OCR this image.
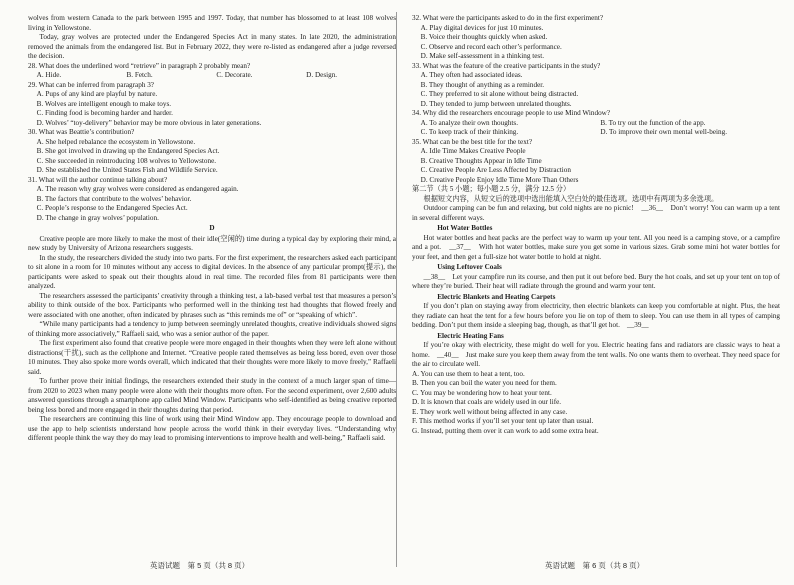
wolves from western Canada to the park between 1995 and 1997. Today, that number has blossomed to at least 108 wolves living in Yellowstone.

Today, gray wolves are protected under the Endangered Species Act in many states. In late 2020, the administration removed the animals from the endangered list. But in February 2022, they were re-listed as endangered after a judge reversed the decision.

28. What does the underlined word “retrieve” in paragraph 2 probably mean?
A. Hide.	B. Fetch.	C. Decorate.	D. Design.
29. What can be inferred from paragraph 3?
A. Pups of any kind are playful by nature.
B. Wolves are intelligent enough to make toys.
C. Finding food is becoming harder and harder.
D. Wolves’ “toy-delivery” behavior may be more obvious in later generations.
30. What was Beattie’s contribution?
A. She helped rebalance the ecosystem in Yellowstone.
B. She got involved in drawing up the Endangered Species Act.
C. She succeeded in reintroducing 108 wolves to Yellowstone.
D. She established the United States Fish and Wildlife Service.
31. What will the author continue talking about?
A. The reason why gray wolves were considered as endangered again.
B. The factors that contribute to the wolves’ behavior.
C. People’s response to the Endangered Species Act.
D. The change in gray wolves’ population.
D

Creative people are more likely to make the most of their idle(空闲的) time during a typical day by exploring their mind, a new study by University of Arizona researchers suggests.

In the study, the researchers divided the study into two parts. For the first experiment, the researchers asked each participant to sit alone in a room for 10 minutes without any access to digital devices. In the absence of any particular prompt(提示), the participants were asked to speak out their thoughts aloud in real time. The recorded files from 81 participants were then analyzed.

The researchers assessed the participants’ creativity through a thinking test, a lab-based verbal test that measures a person’s ability to think outside of the box. Participants who performed well in the thinking test had thoughts that flowed freely and were associated with one another, often indicated by phrases such as “this reminds me of” or “speaking of which”.

“While many participants had a tendency to jump between seemingly unrelated thoughts, creative individuals showed signs of thinking more associatively,” Raffaeli said, who was a senior author of the paper.

The first experiment also found that creative people were more engaged in their thoughts when they were left alone without distractions(干扰), such as the cellphone and Internet. “Creative people rated themselves as being less bored, even over those 10 minutes. They also spoke more words overall, which indicated that their thoughts were more likely to move freely,” Raffaeli said.

To further prove their initial findings, the researchers extended their study in the context of a much larger span of time—from 2020 to 2023 when many people were alone with their thoughts more often. For the second experiment, over 2,600 adults answered questions through a smartphone app called Mind Window. Participants who self-identified as being creative reported being less bored and more engaged in their thoughts during that period.

The researchers are continuing this line of work using their Mind Window app. They encourage people to download and use the app to help scientists understand how people across the world think in their everyday lives. “Understanding why different people think the way they do may lead to promising interventions to improve health and well-being,” Raffaeli said.

32. What were the participants asked to do in the first experiment?
A. Play digital devices for just 10 minutes.
B. Voice their thoughts quickly when asked.
C. Observe and record each other’s performance.
D. Make self-assessment in a thinking test.
33. What was the feature of the creative participants in the study?
A. They often had associated ideas.
B. They thought of anything as a reminder.
C. They preferred to sit alone without being distracted.
D. They tended to jump between unrelated thoughts.
34. Why did the researchers encourage people to use Mind Window?
A. To analyze their own thoughts.	B. To try out the function of the app.
C. To keep track of their thinking.	D. To improve their own mental well-being.
35. What can be the best title for the text?
A. Idle Time Makes Creative People
B. Creative Thoughts Appear in Idle Time
C. Creative People Are Less Affected by Distraction
D. Creative People Enjoy Idle Time More Than Others
第二节（共 5 小题；每小题 2.5 分，满分 12.5 分）

根据短文内容，从短文后的选项中选出能填入空白处的最佳选项。选项中有两项为多余选项。

Outdoor camping can be fun and relaxing, but cold nights are no picnic!　__36__　Don’t worry! You can warm up a tent in several different ways.

Hot Water Bottles

Hot water bottles and heat packs are the perfect way to warm up your tent. All you need is a camping stove, or a campfire and a pot.　__37__　With hot water bottles, make sure you get some in various sizes. Grab some mini hot water bottles for your feet, and then get a full-size hot water bottle to hold at night.

Using Leftover Coals

__38__　Let your campfire run its course, and then put it out before bed. Bury the hot coals, and set up your tent on top of where they’re buried. Their heat will radiate through the ground and warm your tent.

Electric Blankets and Heating Carpets

If you don’t plan on staying away from electricity, then electric blankets can keep you comfortable at night. Plus, the heat they radiate can heat the tent for a few hours before you lie on top of them to sleep. You can use them in all types of camping bedding. Don’t put them inside a sleeping bag, though, as that’ll get hot.　__39__

Electric Heating Fans

If you’re okay with electricity, these might do well for you. Electric heating fans and radiators are classic ways to heat a home.　__40__　Just make sure you keep them away from the tent walls. No one wants them to overheat. They need space for the air to circulate well.

A. You can use them to heat a tent, too.
B. Then you can boil the water you need for them.
C. You may be wondering how to heat your tent.
D. It is known that coals are widely used in our life.
E. They work well without being affected in any case.
F. This method works if you’ll set your tent up later than usual.
G. Instead, putting them over it can work to add some extra heat.
英语试题　第 5 页（共 8 页）	英语试题　第 6 页（共 8 页）
